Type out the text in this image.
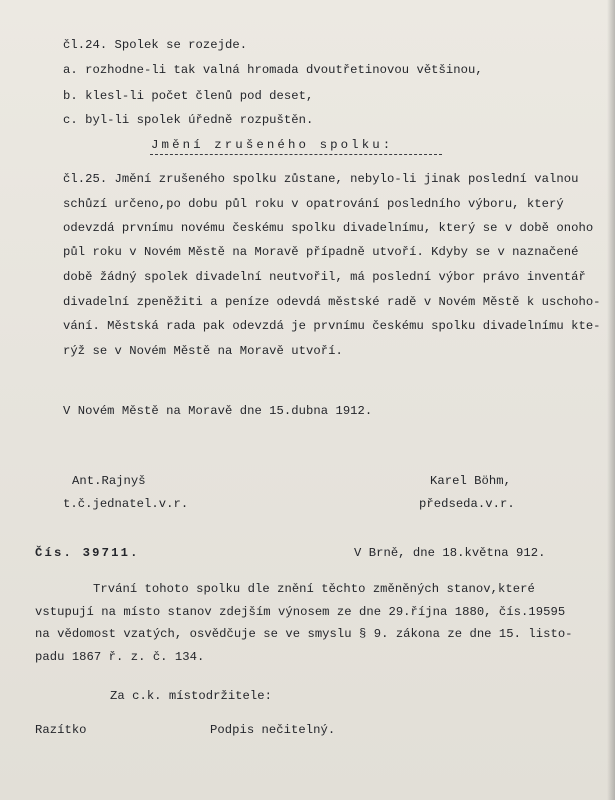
čl.24. Spolek se rozejde.
a. rozhodne-li tak valná hromada dvoutřetinovou většinou,
b. klesl-li počet členů pod deset,
c. byl-li spolek úředně rozpuštěn.
Jmění zrušeného spolku:
čl.25. Jmění zrušeného spolku zůstane, nebylo-li jinak poslední valnou
schůzí určeno,po dobu půl roku v opatrování posledního výboru, který
odevzdá prvnímu novému českému spolku divadelnímu, který se v době onoho
půl roku v Novém Městě na Moravě případně utvoří. Kdyby se v naznačené
době žádný spolek divadelní neutvořil, má poslední výbor právo inventář
divadelní zpeněžiti a peníze odevdá městské radě v Novém Městě k uschoho-
vání. Městská rada pak odevzdá je prvnímu českému spolku divadelnímu kte-
rýž se v Novém Městě na Moravě utvoří.
V Novém Městě na Moravě dne 15.dubna 1912.
Ant.Rajnyš
t.č.jednatel.v.r.
Karel Böhm,
předseda.v.r.
Čís. 39711.	V Brně, dne 18.května 912.
Trvání tohoto spolku dle znění těchto změněných stanov,které
vstupují na místo stanov zdejším výnosem ze dne 29.října 1880, čís.19595
na vědomost vzatých, osvědčuje se ve smyslu § 9. zákona ze dne 15. listo-
padu 1867 ř. z. č. 134.
Za c.k. místodržitele:
Razítko	Podpis nečitelný.
